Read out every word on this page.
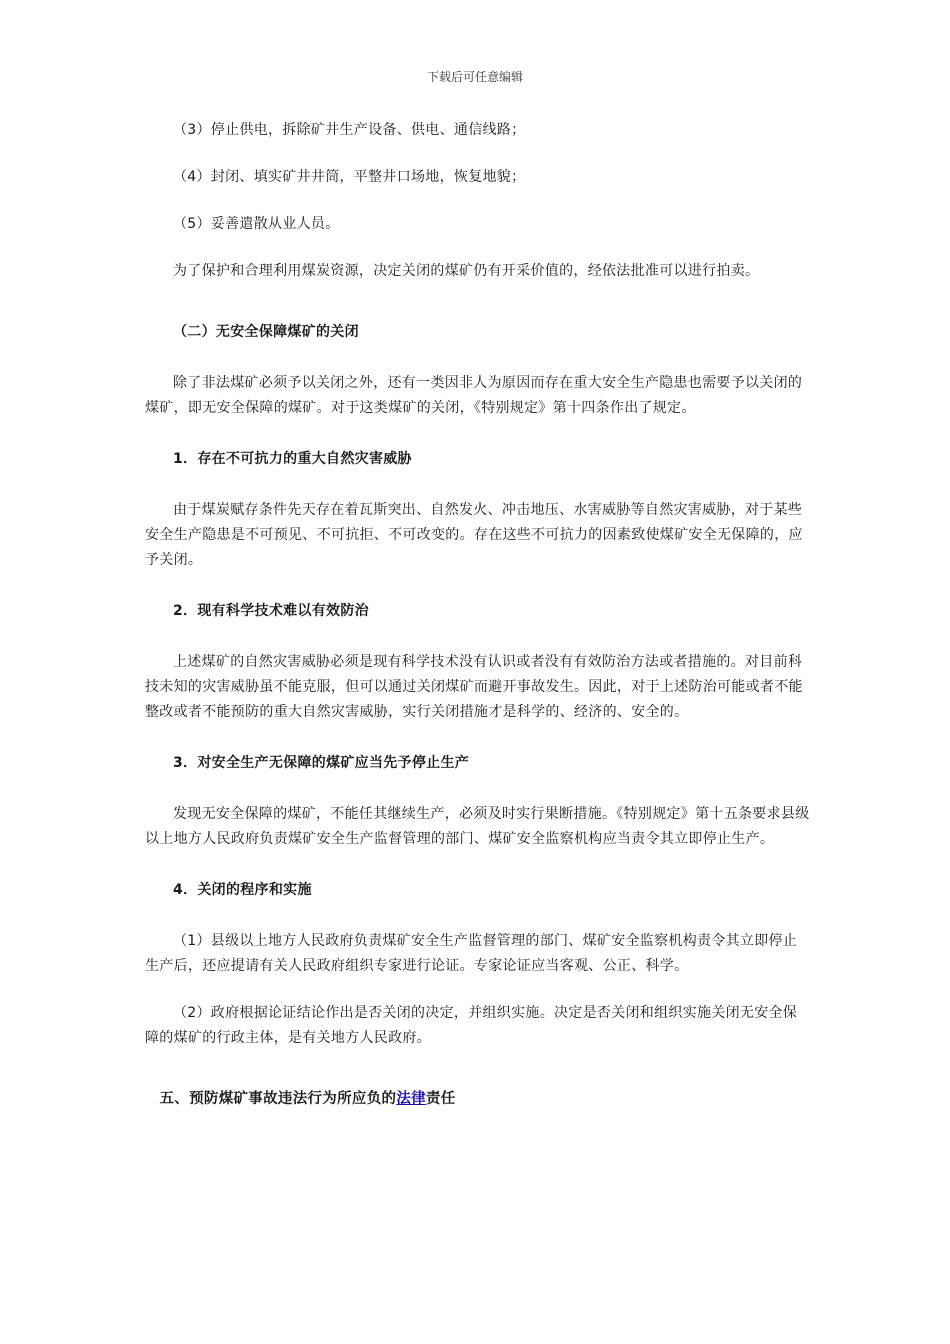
下载后可任意编辑

（3）停止供电，拆除矿井生产设备、供电、通信线路；

（4）封闭、填实矿井井筒，平整井口场地，恢复地貌；

（5）妥善遣散从业人员。

为了保护和合理利用煤炭资源，决定关闭的煤矿仍有开采价值的，经依法批准可以进行拍卖。

（二）无安全保障煤矿的关闭

除了非法煤矿必须予以关闭之外，还有一类因非人为原因而存在重大安全生产隐患也需要予以关闭的煤矿，即无安全保障的煤矿。对于这类煤矿的关闭，《特别规定》第十四条作出了规定。

1．存在不可抗力的重大自然灾害威胁

由于煤炭赋存条件先天存在着瓦斯突出、自然发火、冲击地压、水害威胁等自然灾害威胁，对于某些安全生产隐患是不可预见、不可抗拒、不可改变的。存在这些不可抗力的因素致使煤矿安全无保障的，应予关闭。

2．现有科学技术难以有效防治

上述煤矿的自然灾害威胁必须是现有科学技术没有认识或者没有有效防治方法或者措施的。对目前科技未知的灾害威胁虽不能克服，但可以通过关闭煤矿而避开事故发生。因此，对于上述防治可能或者不能整改或者不能预防的重大自然灾害威胁，实行关闭措施才是科学的、经济的、安全的。

3．对安全生产无保障的煤矿应当先予停止生产

发现无安全保障的煤矿，不能任其继续生产，必须及时实行果断措施。《特别规定》第十五条要求县级以上地方人民政府负责煤矿安全生产监督管理的部门、煤矿安全监察机构应当责令其立即停止生产。

4．关闭的程序和实施

（1）县级以上地方人民政府负责煤矿安全生产监督管理的部门、煤矿安全监察机构责令其立即停止生产后，还应提请有关人民政府组织专家进行论证。专家论证应当客观、公正、科学。

（2）政府根据论证结论作出是否关闭的决定，并组织实施。决定是否关闭和组织实施关闭无安全保障的煤矿的行政主体，是有关地方人民政府。

五、预防煤矿事故违法行为所应负的法律责任
